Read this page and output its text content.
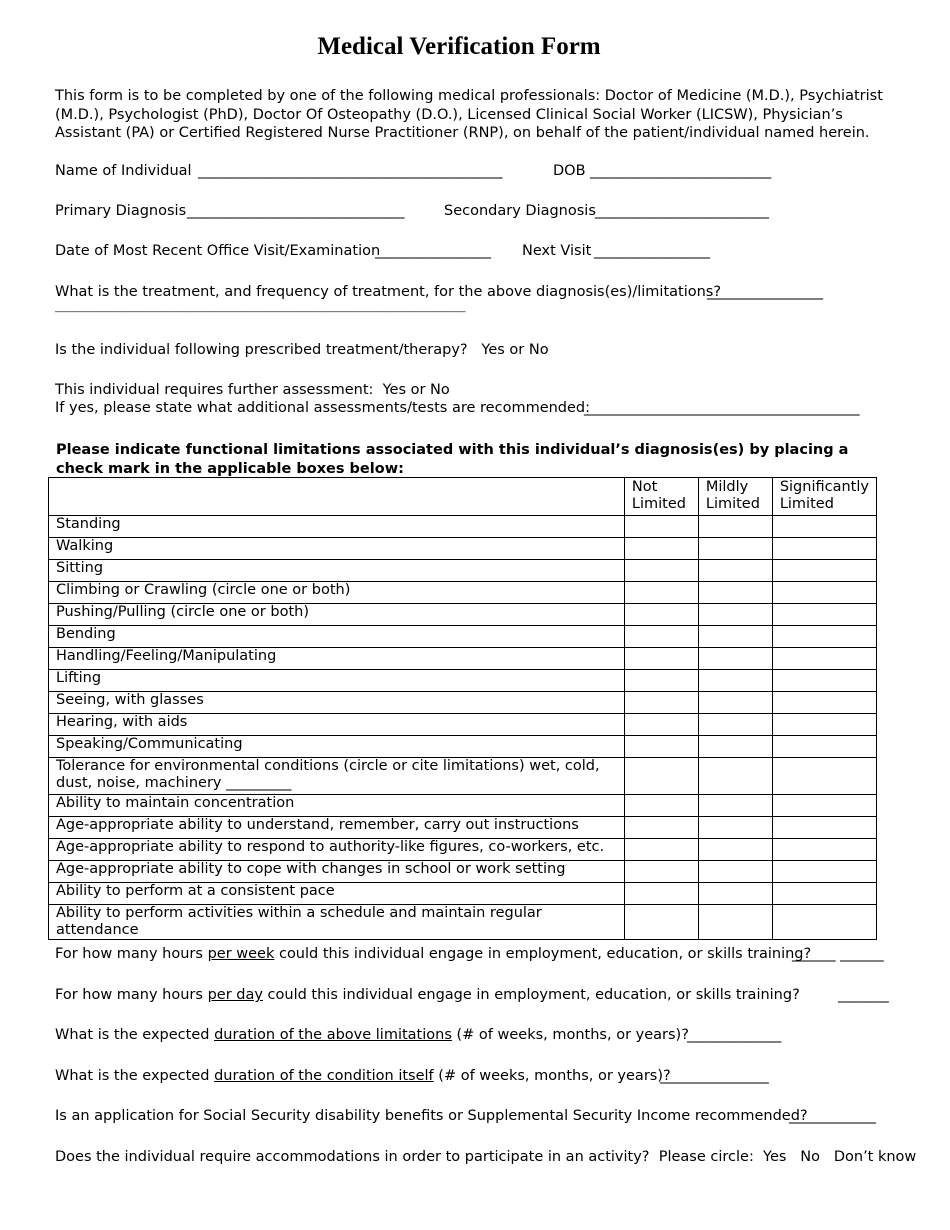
Medical Verification Form
This form is to be completed by one of the following medical professionals: Doctor of Medicine (M.D.), Psychiatrist (M.D.), Psychologist (PhD), Doctor Of Osteopathy (D.O.), Licensed Clinical Social Worker (LICSW), Physician’s Assistant (PA) or Certified Registered Nurse Practitioner (RNP), on behalf of the patient/individual named herein.
Name of Individual __________________________________________	DOB _________________________
Primary Diagnosis ______________________________	Secondary Diagnosis ________________________
Date of Most Recent Office Visit/Examination
________________ Next Visit ________________
What is the treatment, and frequency of treatment, for the above diagnosis(es)/limitations?
________________
__________________________________________________________________________________________________
Is the individual following prescribed treatment/therapy?   Yes or No
This individual requires further assessment:  Yes or No
If yes, please state what additional assessments/tests are recommended:
______________________________________
Please indicate functional limitations associated with this individual’s diagnosis(es) by placing a check mark in the applicable boxes below:
	Not Limited	Mildly Limited	Significantly Limited
Standing			
Walking			
Sitting			
Climbing or Crawling (circle one or both)			
Pushing/Pulling (circle one or both)			
Bending			
Handling/Feeling/Manipulating			
Lifting			
Seeing, with glasses			
Hearing, with aids			
Speaking/Communicating			
Tolerance for environmental conditions (circle or cite limitations) wet, cold, dust, noise, machinery _________			
Ability to maintain concentration			
Age-appropriate ability to understand, remember, carry out instructions			
Age-appropriate ability to respond to authority-like figures, co-workers, etc.			
Age-appropriate ability to cope with changes in school or work setting			
Ability to perform at a consistent pace			
Ability to perform activities within a schedule and maintain regular attendance			
For how many hours per week could this individual engage in employment, education, or skills training?
______ ______
For how many hours per day could this individual engage in employment, education, or skills training?	_______
What is the expected duration of the above limitations (# of weeks, months, or years)?
_____________
What is the expected duration of the condition itself (# of weeks, months, or years)?
_______________
Is an application for Social Security disability benefits or Supplemental Security Income recommended?
____________
Does the individual require accommodations in order to participate in an activity?  Please circle:  Yes   No   Don’t know
